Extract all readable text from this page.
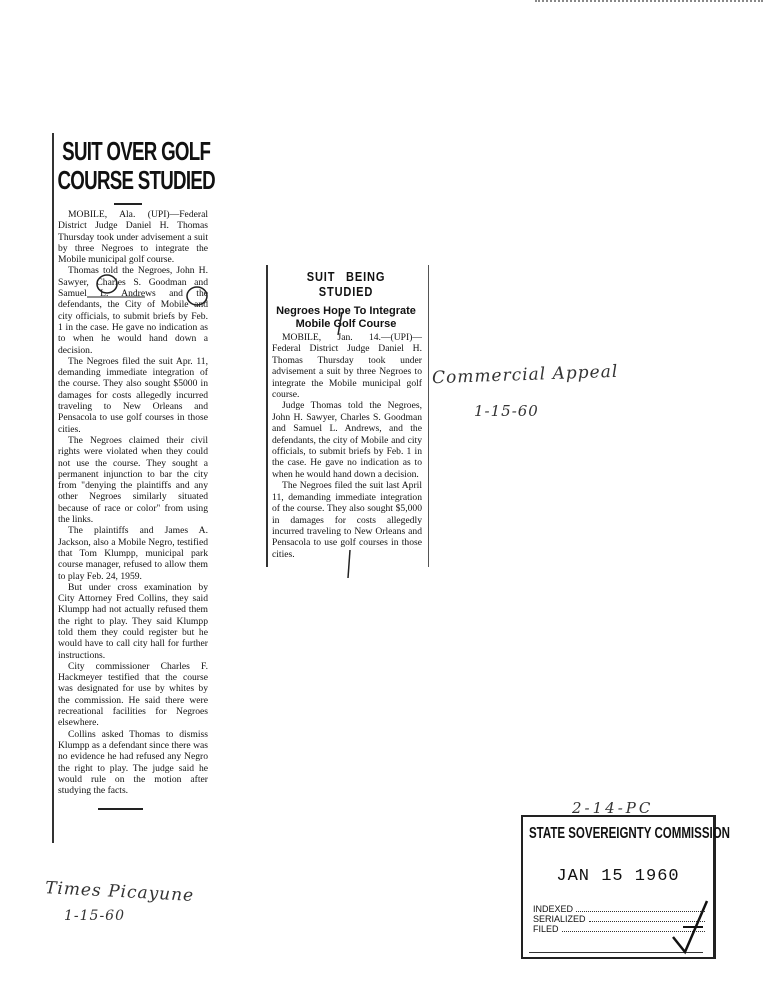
SUIT OVER GOLF COURSE STUDIED

MOBILE, Ala. (UPI)—Federal District Judge Daniel H. Thomas Thursday took under advisement a suit by three Negroes to integrate the Mobile municipal golf course.

Thomas told the Negroes, John H. Sawyer, Charles S. Goodman and Samuel L. Andrews and the defendants, the City of Mobile and city officials, to submit briefs by Feb. 1 in the case. He gave no indication as to when he would hand down a decision.

The Negroes filed the suit Apr. 11, demanding immediate integration of the course. They also sought $5000 in damages for costs allegedly incurred traveling to New Orleans and Pensacola to use golf courses in those cities.

The Negroes claimed their civil rights were violated when they could not use the course. They sought a permanent injunction to bar the city from "denying the plaintiffs and any other Negroes similarly situated because of race or color" from using the links.

The plaintiffs and James A. Jackson, also a Mobile Negro, testified that Tom Klumpp, municipal park course manager, refused to allow them to play Feb. 24, 1959.

But under cross examination by City Attorney Fred Collins, they said Klumpp had not actually refused them the right to play. They said Klumpp told them they could register but he would have to call city hall for further instructions.

City commissioner Charles F. Hackmeyer testified that the course was designated for use by whites by the commission. He said there were recreational facilities for Negroes elsewhere.

Collins asked Thomas to dismiss Klumpp as a defendant since there was no evidence he had refused any Negro the right to play. The judge said he would rule on the motion after studying the facts.

SUIT BEING STUDIED
Negroes Hope To Integrate Mobile Golf Course

MOBILE, Jan. 14.—(UPI)—Federal District Judge Daniel H. Thomas Thursday took under advisement a suit by three Negroes to integrate the Mobile municipal golf course.

Judge Thomas told the Negroes, John H. Sawyer, Charles S. Goodman and Samuel L. Andrews, and the defendants, the city of Mobile and city officials, to submit briefs by Feb. 1 in the case. He gave no indication as to when he would hand down a decision.

The Negroes filed the suit last April 11, demanding immediate integration of the course. They also sought $5,000 in damages for costs allegedly incurred traveling to New Orleans and Pensacola to use golf courses in those cities.

Commercial Appeal
1-15-60
Times Picayune
1-15-60
2-14-PC
STATE SOVEREIGNTY COMMISSION
JAN 15 1960
INDEXED
SERIALIZED
FILED
